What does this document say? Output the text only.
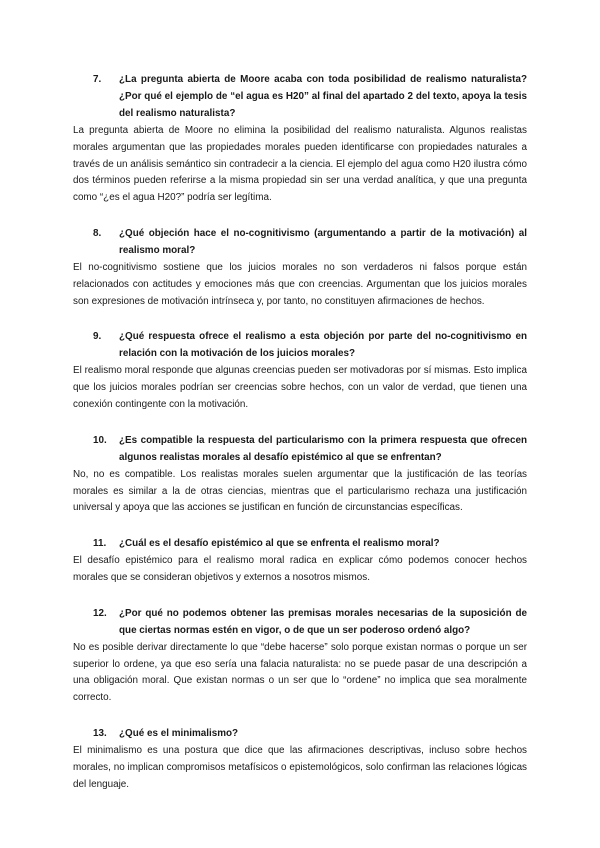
7.	¿La pregunta abierta de Moore acaba con toda posibilidad de realismo naturalista? ¿Por qué el ejemplo de “el agua es H20” al final del apartado 2 del texto, apoya la tesis del realismo naturalista?
La pregunta abierta de Moore no elimina la posibilidad del realismo naturalista. Algunos realistas morales argumentan que las propiedades morales pueden identificarse con propiedades naturales a través de un análisis semántico sin contradecir a la ciencia. El ejemplo del agua como H20 ilustra cómo dos términos pueden referirse a la misma propiedad sin ser una verdad analítica, y que una pregunta como “¿es el agua H20?” podría ser legítima.
8.	¿Qué objeción hace el no-cognitivismo (argumentando a partir de la motivación) al realismo moral?
El no-cognitivismo sostiene que los juicios morales no son verdaderos ni falsos porque están relacionados con actitudes y emociones más que con creencias. Argumentan que los juicios morales son expresiones de motivación intrínseca y, por tanto, no constituyen afirmaciones de hechos.
9.	¿Qué respuesta ofrece el realismo a esta objeción por parte del no-cognitivismo en relación con la motivación de los juicios morales?
El realismo moral responde que algunas creencias pueden ser motivadoras por sí mismas. Esto implica que los juicios morales podrían ser creencias sobre hechos, con un valor de verdad, que tienen una conexión contingente con la motivación.
10.	¿Es compatible la respuesta del particularismo con la primera respuesta que ofrecen algunos realistas morales al desafío epistémico al que se enfrentan?
No, no es compatible. Los realistas morales suelen argumentar que la justificación de las teorías morales es similar a la de otras ciencias, mientras que el particularismo rechaza una justificación universal y apoya que las acciones se justifican en función de circunstancias específicas.
11.	¿Cuál es el desafío epistémico al que se enfrenta el realismo moral?
El desafío epistémico para el realismo moral radica en explicar cómo podemos conocer hechos morales que se consideran objetivos y externos a nosotros mismos.
12.	¿Por qué no podemos obtener las premisas morales necesarias de la suposición de que ciertas normas estén en vigor, o de que un ser poderoso ordenó algo?
No es posible derivar directamente lo que “debe hacerse” solo porque existan normas o porque un ser superior lo ordene, ya que eso sería una falacia naturalista: no se puede pasar de una descripción a una obligación moral. Que existan normas o un ser que lo “ordene” no implica que sea moralmente correcto.
13.	¿Qué es el minimalismo?
El minimalismo es una postura que dice que las afirmaciones descriptivas, incluso sobre hechos morales, no implican compromisos metafísicos o epistemológicos, solo confirman las relaciones lógicas del lenguaje.
